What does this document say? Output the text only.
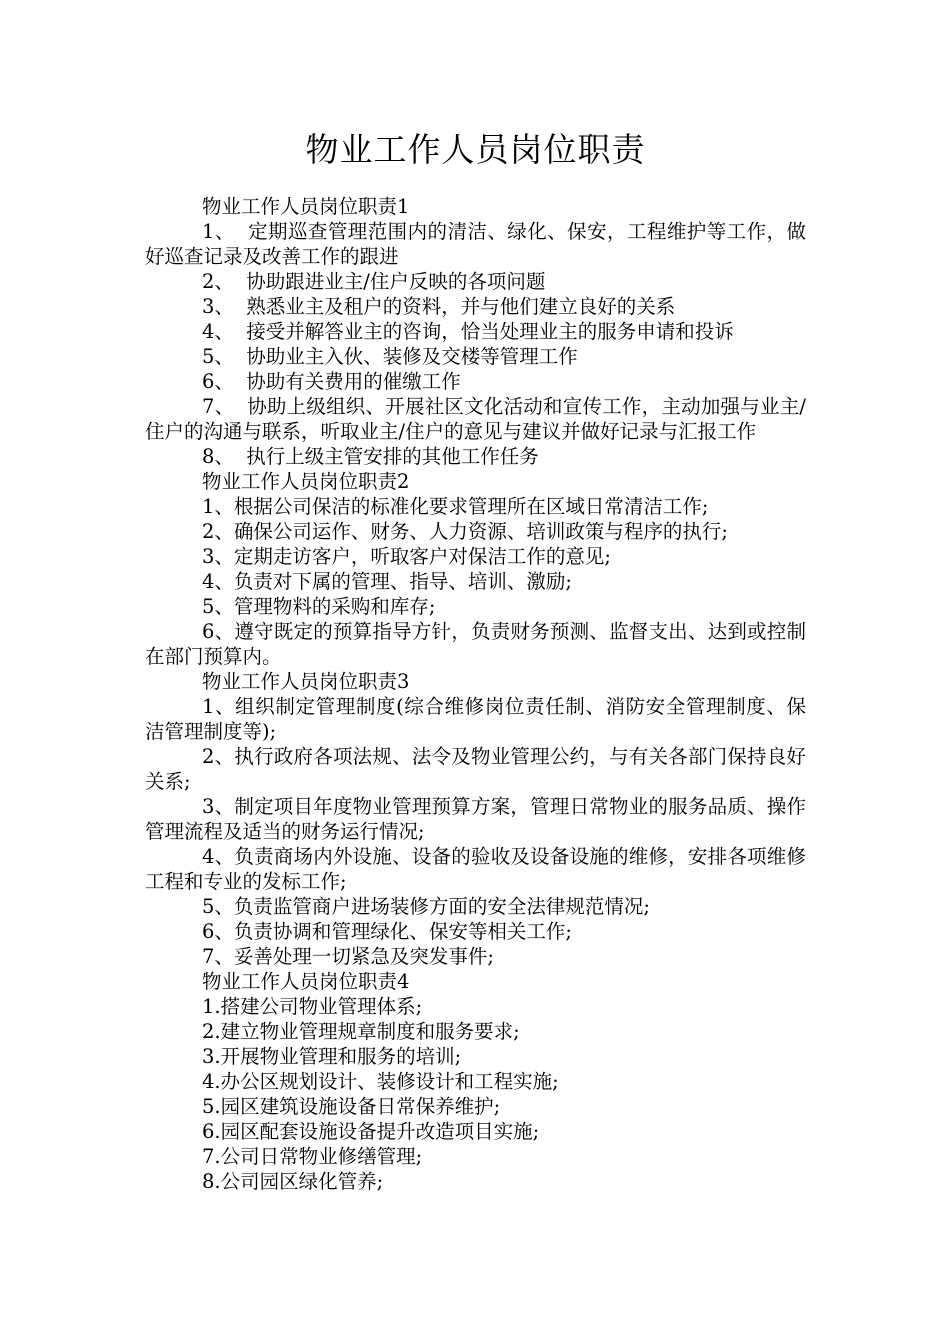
物业工作人员岗位职责

物业工作人员岗位职责1

1、  定期巡查管理范围内的清洁、绿化、保安，工程维护等工作，做好巡查记录及改善工作的跟进

2、  协助跟进业主/住户反映的各项问题

3、  熟悉业主及租户的资料，并与他们建立良好的关系

4、  接受并解答业主的咨询，恰当处理业主的服务申请和投诉

5、  协助业主入伙、装修及交楼等管理工作

6、  协助有关费用的催缴工作

7、  协助上级组织、开展社区文化活动和宣传工作，主动加强与业主/住户的沟通与联系，听取业主/住户的意见与建议并做好记录与汇报工作

8、  执行上级主管安排的其他工作任务

物业工作人员岗位职责2

1、根据公司保洁的标准化要求管理所在区域日常清洁工作;

2、确保公司运作、财务、人力资源、培训政策与程序的执行;

3、定期走访客户，听取客户对保洁工作的意见;

4、负责对下属的管理、指导、培训、激励;

5、管理物料的采购和库存;

6、遵守既定的预算指导方针，负责财务预测、监督支出、达到或控制在部门预算内。

物业工作人员岗位职责3

1、组织制定管理制度(综合维修岗位责任制、消防安全管理制度、保洁管理制度等);

2、执行政府各项法规、法令及物业管理公约，与有关各部门保持良好关系;

3、制定项目年度物业管理预算方案，管理日常物业的服务品质、操作管理流程及适当的财务运行情况;

4、负责商场内外设施、设备的验收及设备设施的维修，安排各项维修工程和专业的发标工作;

5、负责监管商户进场装修方面的安全法律规范情况;

6、负责协调和管理绿化、保安等相关工作;

7、妥善处理一切紧急及突发事件;

物业工作人员岗位职责4

1.搭建公司物业管理体系;

2.建立物业管理规章制度和服务要求;

3.开展物业管理和服务的培训;

4.办公区规划设计、装修设计和工程实施;

5.园区建筑设施设备日常保养维护;

6.园区配套设施设备提升改造项目实施;

7.公司日常物业修缮管理;

8.公司园区绿化管养;
